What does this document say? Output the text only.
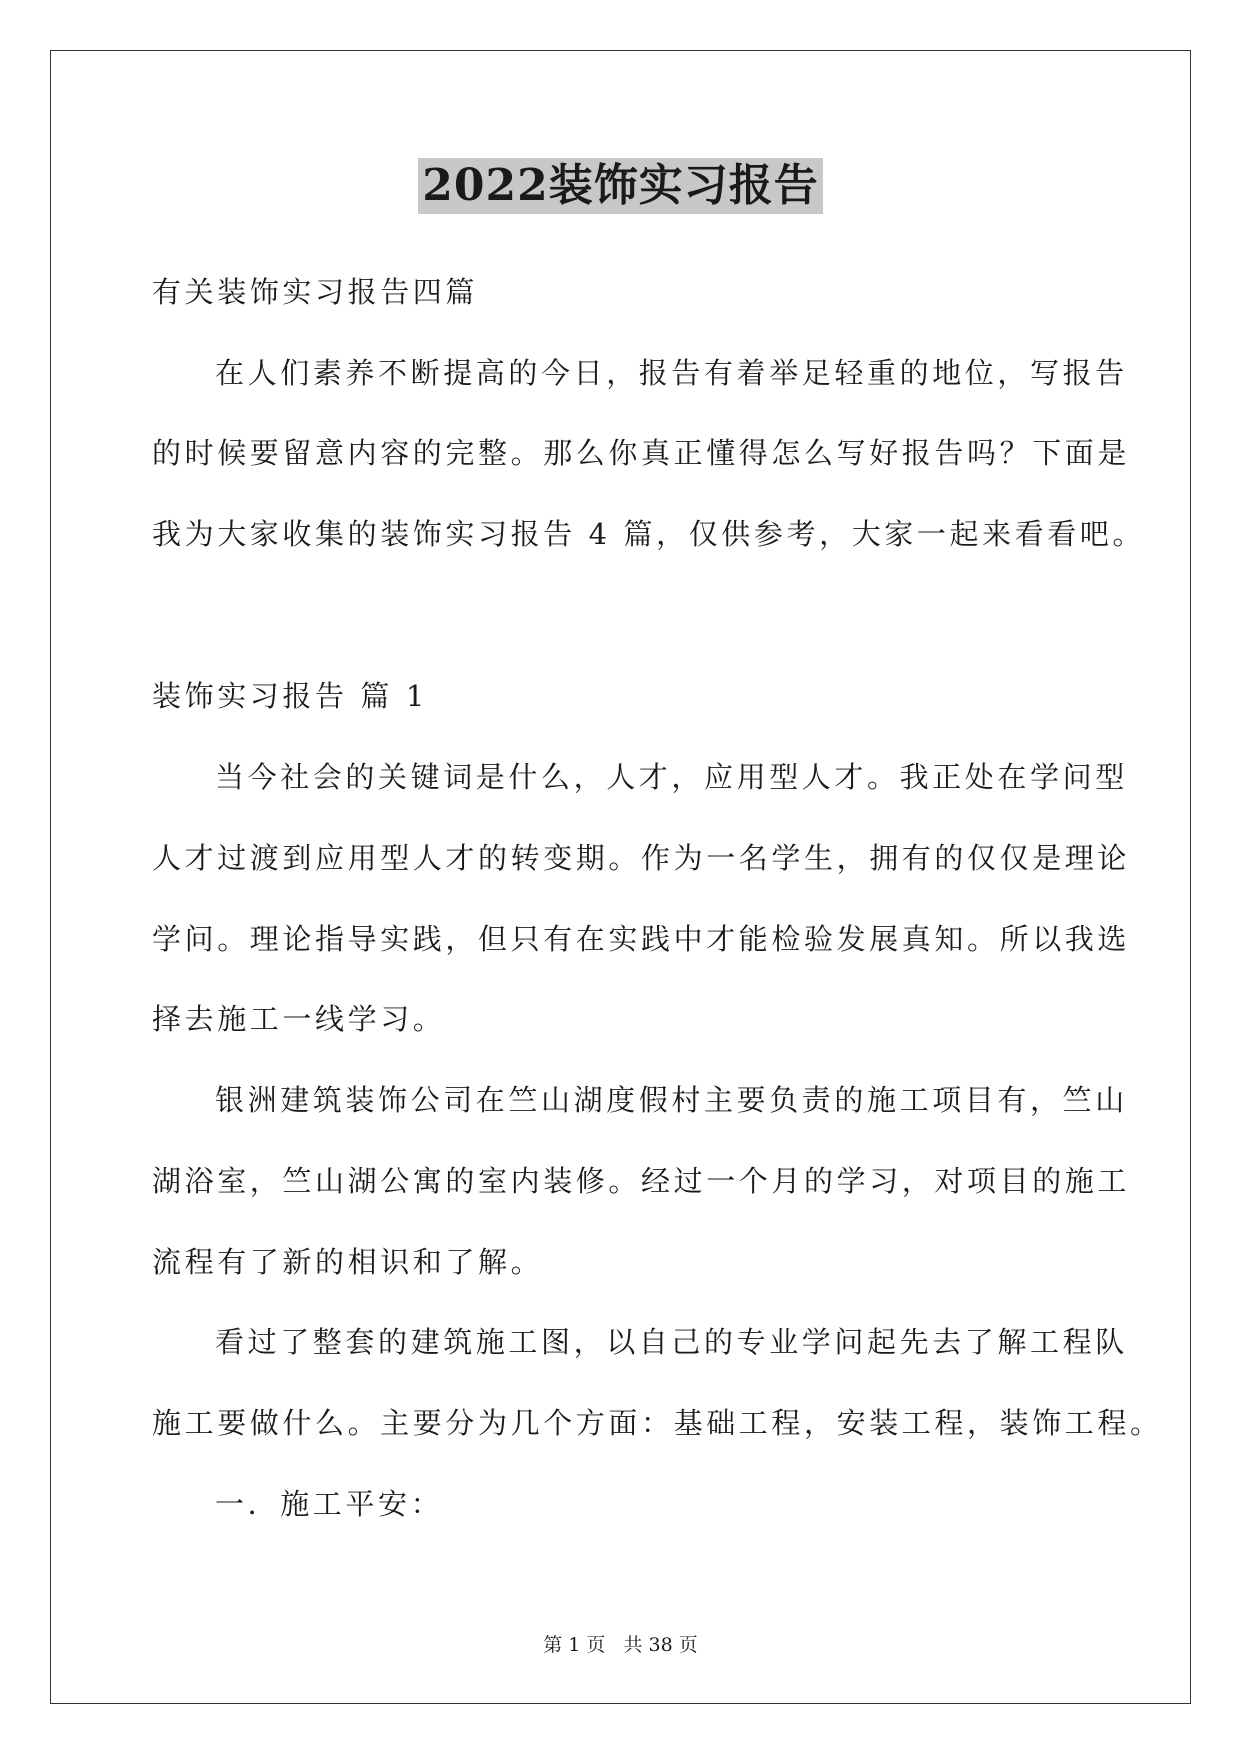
2022装饰实习报告
有关装饰实习报告四篇
在人们素养不断提高的今日，报告有着举足轻重的地位，写报告
的时候要留意内容的完整。那么你真正懂得怎么写好报告吗？下面是
我为大家收集的装饰实习报告 4 篇，仅供参考，大家一起来看看吧。
装饰实习报告 篇 1
当今社会的关键词是什么，人才，应用型人才。我正处在学问型
人才过渡到应用型人才的转变期。作为一名学生，拥有的仅仅是理论
学问。理论指导实践，但只有在实践中才能检验发展真知。所以我选
择去施工一线学习。
银洲建筑装饰公司在竺山湖度假村主要负责的施工项目有，竺山
湖浴室，竺山湖公寓的室内装修。经过一个月的学习，对项目的施工
流程有了新的相识和了解。
看过了整套的建筑施工图，以自己的专业学问起先去了解工程队
施工要做什么。主要分为几个方面：基础工程，安装工程，装饰工程。
一．施工平安：
第 1 页 共 38 页
